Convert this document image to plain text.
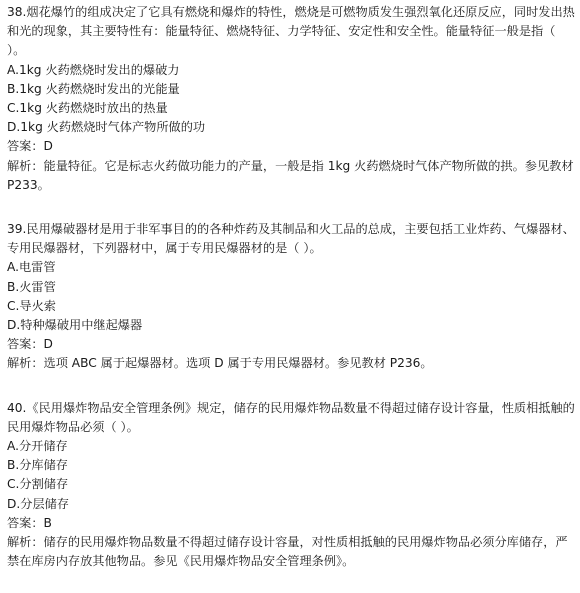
38.烟花爆竹的组成决定了它具有燃烧和爆炸的特性，燃烧是可燃物质发生强烈氧化还原反应，同时发出热和光的现象，其主要特性有：能量特征、燃烧特征、力学特征、安定性和安全性。能量特征一般是指（ ）。
A.1kg 火药燃烧时发出的爆破力
B.1kg 火药燃烧时发出的光能量
C.1kg 火药燃烧时放出的热量
D.1kg 火药燃烧时气体产物所做的功
答案：D
解析：能量特征。它是标志火药做功能力的产量，一般是指 1kg 火药燃烧时气体产物所做的拱。参见教材 P233。
39.民用爆破器材是用于非军事目的的各种炸药及其制品和火工品的总成，主要包括工业炸药、气爆器材、专用民爆器材，下列器材中，属于专用民爆器材的是（ ）。
A.电雷管
B.火雷管
C.导火索
D.特种爆破用中继起爆器
答案：D
解析：选项 ABC 属于起爆器材。选项 D 属于专用民爆器材。参见教材 P236。
40.《民用爆炸物品安全管理条例》规定，储存的民用爆炸物品数量不得超过储存设计容量，性质相抵触的民用爆炸物品必须（ ）。
A.分开储存
B.分库储存
C.分割储存
D.分层储存
答案：B
解析：储存的民用爆炸物品数量不得超过储存设计容量，对性质相抵触的民用爆炸物品必须分库储存，严禁在库房内存放其他物品。参见《民用爆炸物品安全管理条例》。
